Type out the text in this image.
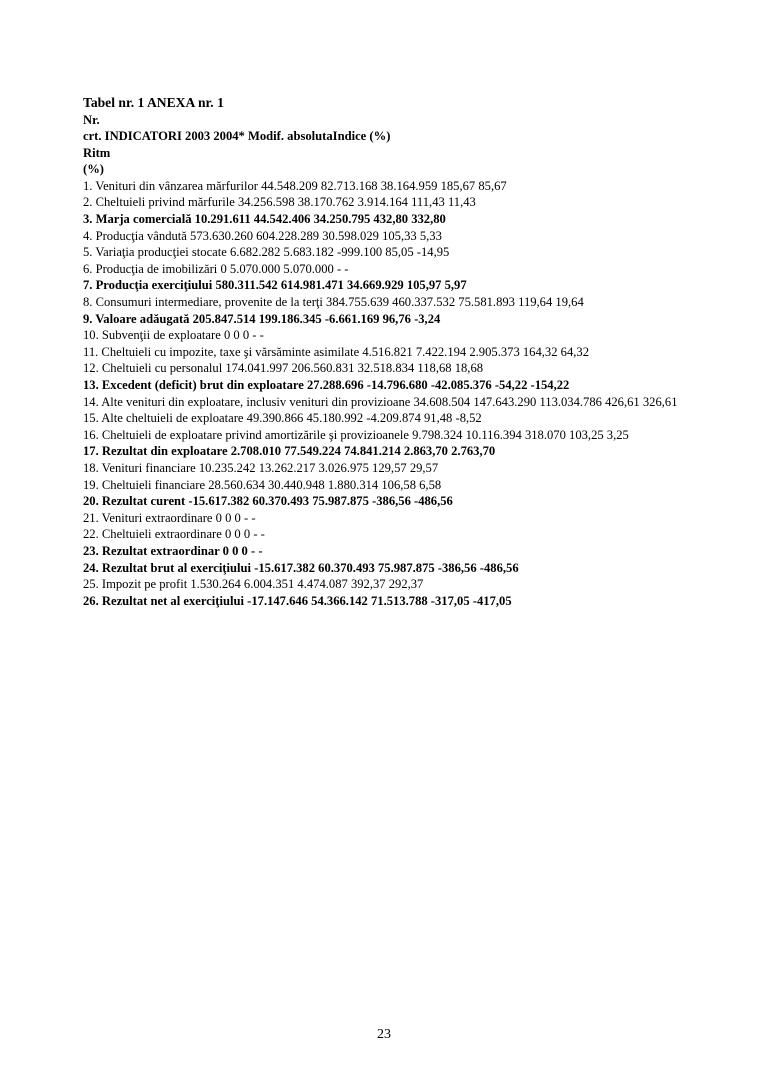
Tabel nr. 1 ANEXA nr. 1
Nr.
crt. INDICATORI 2003 2004* Modif. absolutaIndice (%)
Ritm
(%)
1. Venituri din vânzarea mărfurilor 44.548.209 82.713.168 38.164.959 185,67 85,67
2. Cheltuieli privind mărfurile 34.256.598 38.170.762 3.914.164 111,43 11,43
3. Marja comercială 10.291.611 44.542.406 34.250.795 432,80 332,80
4. Producţia vândută 573.630.260 604.228.289 30.598.029 105,33 5,33
5. Variaţia producţiei stocate 6.682.282 5.683.182 -999.100 85,05 -14,95
6. Producţia de imobilizări 0 5.070.000 5.070.000 - -
7. Producţia exerciţiului 580.311.542 614.981.471 34.669.929 105,97 5,97
8. Consumuri intermediare, provenite de la terţi 384.755.639 460.337.532 75.581.893 119,64 19,64
9. Valoare adăugată 205.847.514 199.186.345 -6.661.169 96,76 -3,24
10. Subvenţii de exploatare 0 0 0 - -
11. Cheltuieli cu impozite, taxe şi vărsăminte asimilate 4.516.821 7.422.194 2.905.373 164,32 64,32
12. Cheltuieli cu personalul 174.041.997 206.560.831 32.518.834 118,68 18,68
13. Excedent (deficit) brut din exploatare 27.288.696 -14.796.680 -42.085.376 -54,22 -154,22
14. Alte venituri din exploatare, inclusiv venituri din provizioane 34.608.504 147.643.290 113.034.786 426,61 326,61
15. Alte cheltuieli de exploatare 49.390.866 45.180.992 -4.209.874 91,48 -8,52
16. Cheltuieli de exploatare privind amortizările şi provizioanele 9.798.324 10.116.394 318.070 103,25 3,25
17. Rezultat din exploatare 2.708.010 77.549.224 74.841.214 2.863,70 2.763,70
18. Venituri financiare 10.235.242 13.262.217 3.026.975 129,57 29,57
19. Cheltuieli financiare 28.560.634 30.440.948 1.880.314 106,58 6,58
20. Rezultat curent -15.617.382 60.370.493 75.987.875 -386,56 -486,56
21. Venituri extraordinare 0 0 0 - -
22. Cheltuieli extraordinare 0 0 0 - -
23. Rezultat extraordinar 0 0 0 - -
24. Rezultat brut al exerciţiului -15.617.382 60.370.493 75.987.875 -386,56 -486,56
25. Impozit pe profit 1.530.264 6.004.351 4.474.087 392,37 292,37
26. Rezultat net al exerciţiului -17.147.646 54.366.142 71.513.788 -317,05 -417,05
23
